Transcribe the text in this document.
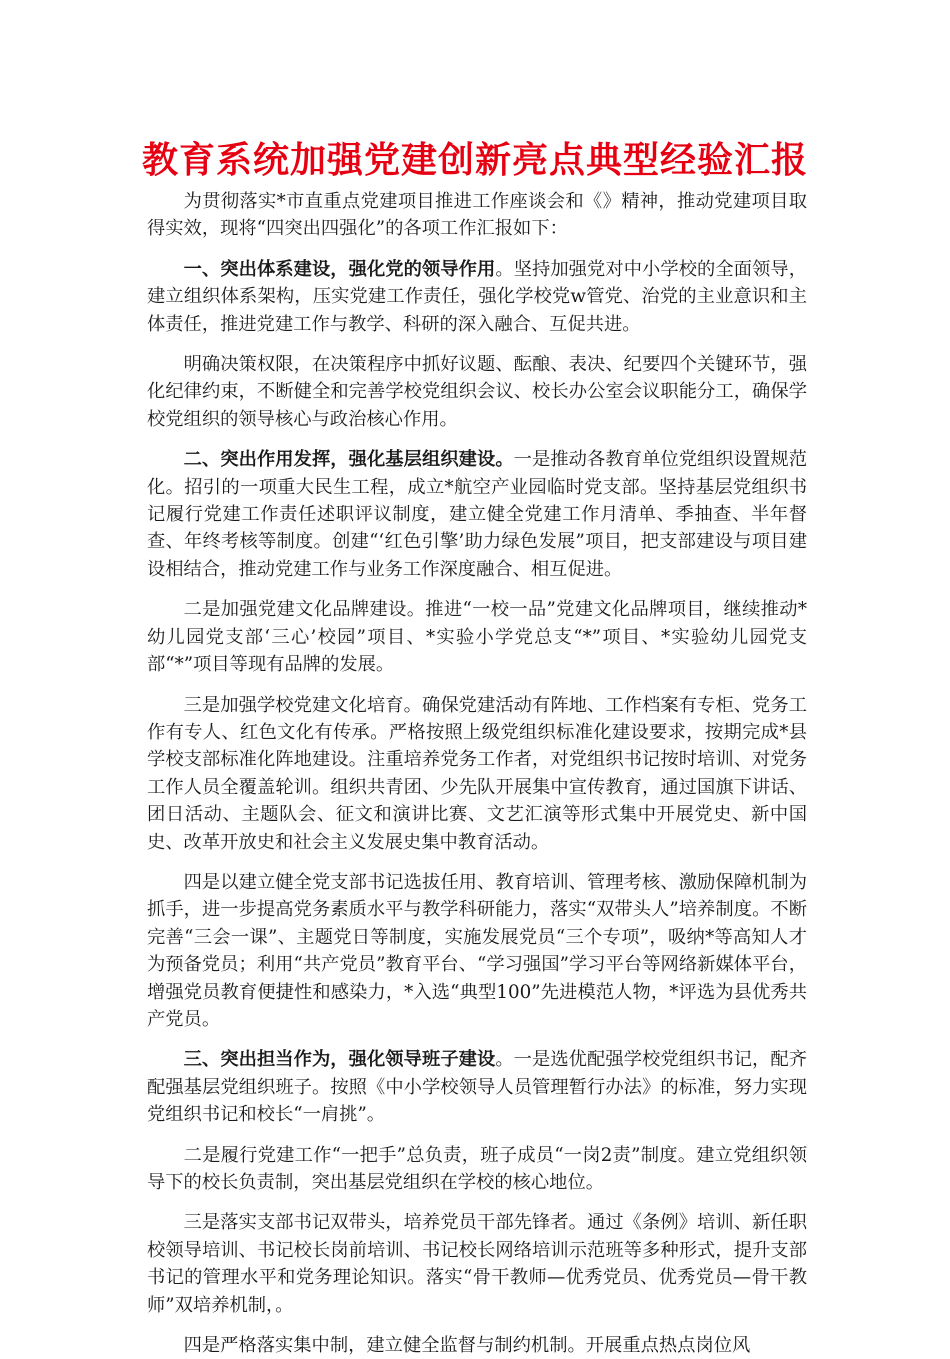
教育系统加强党建创新亮点典型经验汇报

为贯彻落实*市直重点党建项目推进工作座谈会和《》精神，推动党建项目取得实效，现将“四突出四强化”的各项工作汇报如下：

一、突出体系建设，强化党的领导作用。坚持加强党对中小学校的全面领导，建立组织体系架构，压实党建工作责任，强化学校党w管党、治党的主业意识和主体责任，推进党建工作与教学、科研的深入融合、互促共进。

明确决策权限，在决策程序中抓好议题、酝酿、表决、纪要四个关键环节，强化纪律约束，不断健全和完善学校党组织会议、校长办公室会议职能分工，确保学校党组织的领导核心与政治核心作用。

二、突出作用发挥，强化基层组织建设。一是推动各教育单位党组织设置规范化。招引的一项重大民生工程，成立*航空产业园临时党支部。坚持基层党组织书记履行党建工作责任述职评议制度，建立健全党建工作月清单、季抽查、半年督查、年终考核等制度。创建“‘红色引擎’助力绿色发展”项目，把支部建设与项目建设相结合，推动党建工作与业务工作深度融合、相互促进。

二是加强党建文化品牌建设。推进“一校一品”党建文化品牌项目，继续推动*幼儿园党支部‘三心’校园”项目、*实验小学党总支“*”项目、*实验幼儿园党支部“*”项目等现有品牌的发展。

三是加强学校党建文化培育。确保党建活动有阵地、工作档案有专柜、党务工作有专人、红色文化有传承。严格按照上级党组织标准化建设要求，按期完成*县学校支部标准化阵地建设。注重培养党务工作者，对党组织书记按时培训、对党务工作人员全覆盖轮训。组织共青团、少先队开展集中宣传教育，通过国旗下讲话、团日活动、主题队会、征文和演讲比赛、文艺汇演等形式集中开展党史、新中国史、改革开放史和社会主义发展史集中教育活动。

四是以建立健全党支部书记选拔任用、教育培训、管理考核、激励保障机制为抓手，进一步提高党务素质水平与教学科研能力，落实“双带头人”培养制度。不断完善“三会一课”、主题党日等制度，实施发展党员“三个专项”，吸纳*等高知人才为预备党员；利用“共产党员”教育平台、“学习强国”学习平台等网络新媒体平台，增强党员教育便捷性和感染力，*入选“典型100”先进模范人物，*评选为县优秀共产党员。

三、突出担当作为，强化领导班子建设。一是选优配强学校党组织书记，配齐配强基层党组织班子。按照《中小学校领导人员管理暂行办法》的标准，努力实现党组织书记和校长“一肩挑”。

二是履行党建工作“一把手”总负责，班子成员“一岗2责”制度。建立党组织领导下的校长负责制，突出基层党组织在学校的核心地位。

三是落实支部书记双带头，培养党员干部先锋者。通过《条例》培训、新任职校领导培训、书记校长岗前培训、书记校长网络培训示范班等多种形式，提升支部书记的管理水平和党务理论知识。落实“骨干教师—优秀党员、优秀党员—骨干教师”双培养机制，。

四是严格落实集中制，建立健全监督与制约机制。开展重点热点岗位风
